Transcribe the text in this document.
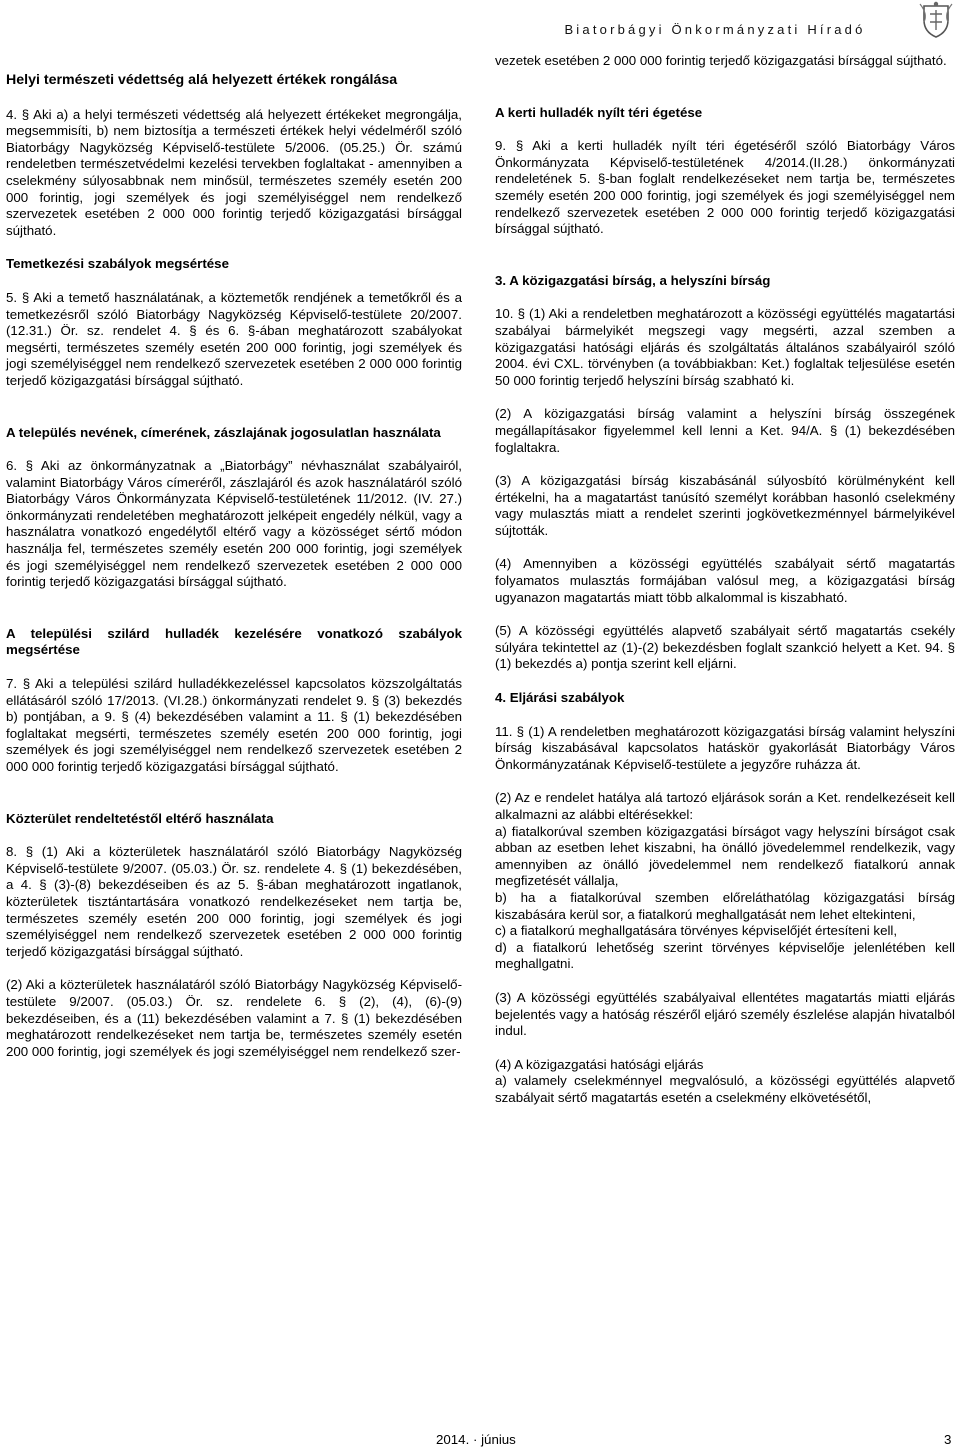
Biatorbágyi Önkormányzati Híradó

Helyi természeti védettség alá helyezett értékek rongálása

4. § Aki a) a helyi természeti védettség alá helyezett értékeket megrongálja, megsemmisíti, b) nem biztosítja a természeti értékek helyi védelméről szóló Biatorbágy Nagyközség Képviselő-testülete 5/2006. (05.25.) Ör. számú rendeletben természetvédelmi kezelési tervekben foglaltakat - amennyiben a cselekmény súlyosabbnak nem minősül, természetes személy esetén 200 000 forintig, jogi személyek és jogi személyiséggel nem rendelkező szervezetek esetében 2 000 000 forintig terjedő közigazgatási bírsággal sújtható.

Temetkezési szabályok megsértése

5. § Aki a temető használatának, a köztemetők rendjének a temetőkről és a temetkezésről szóló Biatorbágy Nagyközség Képviselő-testülete 20/2007. (12.31.) Ör. sz. rendelet 4. § és 6. §-ában meghatározott szabályokat megsérti, természetes személy esetén 200 000 forintig, jogi személyek és jogi személyiséggel nem rendelkező szervezetek esetében 2 000 000 forintig terjedő közigazgatási bírsággal sújtható.

A település nevének, címerének, zászlajának jogosulatlan használata

6. § Aki az önkormányzatnak a „Biatorbágy” névhasználat szabályairól, valamint Biatorbágy Város címeréről, zászlajáról és azok használatáról szóló Biatorbágy Város Önkormányzata Képviselő-testületének 11/2012. (IV. 27.) önkormányzati rendeletében meghatározott jelképeit engedély nélkül, vagy a használatra vonatkozó engedélytől eltérő vagy a közösséget sértő módon használja fel, természetes személy esetén 200 000 forintig, jogi személyek és jogi személyiséggel nem rendelkező szervezetek esetében 2 000 000 forintig terjedő közigazgatási bírsággal sújtható.

A települési szilárd hulladék kezelésére vonatkozó szabályok megsértése

7. § Aki a települési szilárd hulladékkezeléssel kapcsolatos közszolgáltatás ellátásáról szóló 17/2013. (VI.28.) önkormányzati rendelet 9. § (3) bekezdés b) pontjában, a 9. § (4) bekezdésében valamint a 11. § (1) bekezdésében foglaltakat megsérti, természetes személy esetén 200 000 forintig, jogi személyek és jogi személyiséggel nem rendelkező szervezetek esetében 2 000 000 forintig terjedő közigazgatási bírsággal sújtható.

Közterület rendeltetéstől eltérő használata

8. § (1) Aki a közterületek használatáról szóló Biatorbágy Nagyközség Képviselő-testülete 9/2007. (05.03.) Ör. sz. rendelete 4. § (1) bekezdésében, a 4. § (3)-(8) bekezdéseiben és az 5. §-ában meghatározott ingatlanok, közterületek tisztántartására vonatkozó rendelkezéseket nem tartja be, természetes személy esetén 200 000 forintig, jogi személyek és jogi személyiséggel nem rendelkező szervezetek esetében 2 000 000 forintig terjedő közigazgatási bírsággal sújtható.

(2) Aki a közterületek használatáról szóló Biatorbágy Nagyközség Képviselő-testülete 9/2007. (05.03.) Ör. sz. rendelete 6. § (2), (4), (6)-(9) bekezdéseiben, és a (11) bekezdésében valamint a 7. § (1) bekezdésében meghatározott rendelkezéseket nem tartja be, természetes személy esetén 200 000 forintig, jogi személyek és jogi személyiséggel nem rendelkező szer-

vezetek esetében 2 000 000 forintig terjedő közigazgatási bírsággal sújtható.

A kerti hulladék nyílt téri égetése

9. § Aki a kerti hulladék nyílt téri égetéséről szóló Biatorbágy Város Önkormányzata Képviselő-testületének 4/2014.(II.28.) önkormányzati rendeletének 5. §-ban foglalt rendelkezéseket nem tartja be, természetes személy esetén 200 000 forintig, jogi személyek és jogi személyiséggel nem rendelkező szervezetek esetében 2 000 000 forintig terjedő közigazgatási bírsággal sújtható.

3. A közigazgatási bírság, a helyszíni bírság

10. § (1) Aki a rendeletben meghatározott a közösségi együttélés magatartási szabályai bármelyikét megszegi vagy megsérti, azzal szemben a közigazgatási hatósági eljárás és szolgáltatás általános szabályairól szóló 2004. évi CXL. törvényben (a továbbiakban: Ket.) foglaltak teljesülése esetén 50 000 forintig terjedő helyszíni bírság szabható ki.

(2) A közigazgatási bírság valamint a helyszíni bírság összegének megállapításakor figyelemmel kell lenni a Ket. 94/A. § (1) bekezdésében foglaltakra.

(3) A közigazgatási bírság kiszabásánál súlyosbító körülményként kell értékelni, ha a magatartást tanúsító személyt korábban hasonló cselekmény vagy mulasztás miatt a rendelet szerinti jogkövetkezménnyel bármelyikével sújtották.

(4) Amennyiben a közösségi együttélés szabályait sértő magatartás folyamatos mulasztás formájában valósul meg, a közigazgatási bírság ugyanazon magatartás miatt több alkalommal is kiszabható.

(5) A közösségi együttélés alapvető szabályait sértő magatartás csekély súlyára tekintettel az (1)-(2) bekezdésben foglalt szankció helyett a Ket. 94. § (1) bekezdés a) pontja szerint kell eljárni.

4. Eljárási szabályok

11. § (1) A rendeletben meghatározott közigazgatási bírság valamint helyszíni bírság kiszabásával kapcsolatos hatáskör gyakorlását Biatorbágy Város Önkormányzatának Képviselő-testülete a jegyzőre ruházza át.

(2) Az e rendelet hatálya alá tartozó eljárások során a Ket. rendelkezéseit kell alkalmazni az alábbi eltérésekkel:

a) fiatalkorúval szemben közigazgatási bírságot vagy helyszíni bírságot csak abban az esetben lehet kiszabni, ha önálló jövedelemmel rendelkezik, vagy amennyiben az önálló jövedelemmel nem rendelkező fiatalkorú annak megfizetését vállalja,

b) ha a fiatalkorúval szemben előreláthatólag közigazgatási bírság kiszabására kerül sor, a fiatalkorú meghallgatását nem lehet eltekinteni,

c) a fiatalkorú meghallgatására törvényes képviselőjét értesíteni kell,

d) a fiatalkorú lehetőség szerint törvényes képviselője jelenlétében kell meghallgatni.

(3) A közösségi együttélés szabályaival ellentétes magatartás miatti eljárás bejelentés vagy a hatóság részéről eljáró személy észlelése alapján hivatalból indul.

(4) A közigazgatási hatósági eljárás

a) valamely cselekménnyel megvalósuló, a közösségi együttélés alapvető szabályait sértő magatartás esetén a cselekmény elkövetésétől,

2014. · június	3
